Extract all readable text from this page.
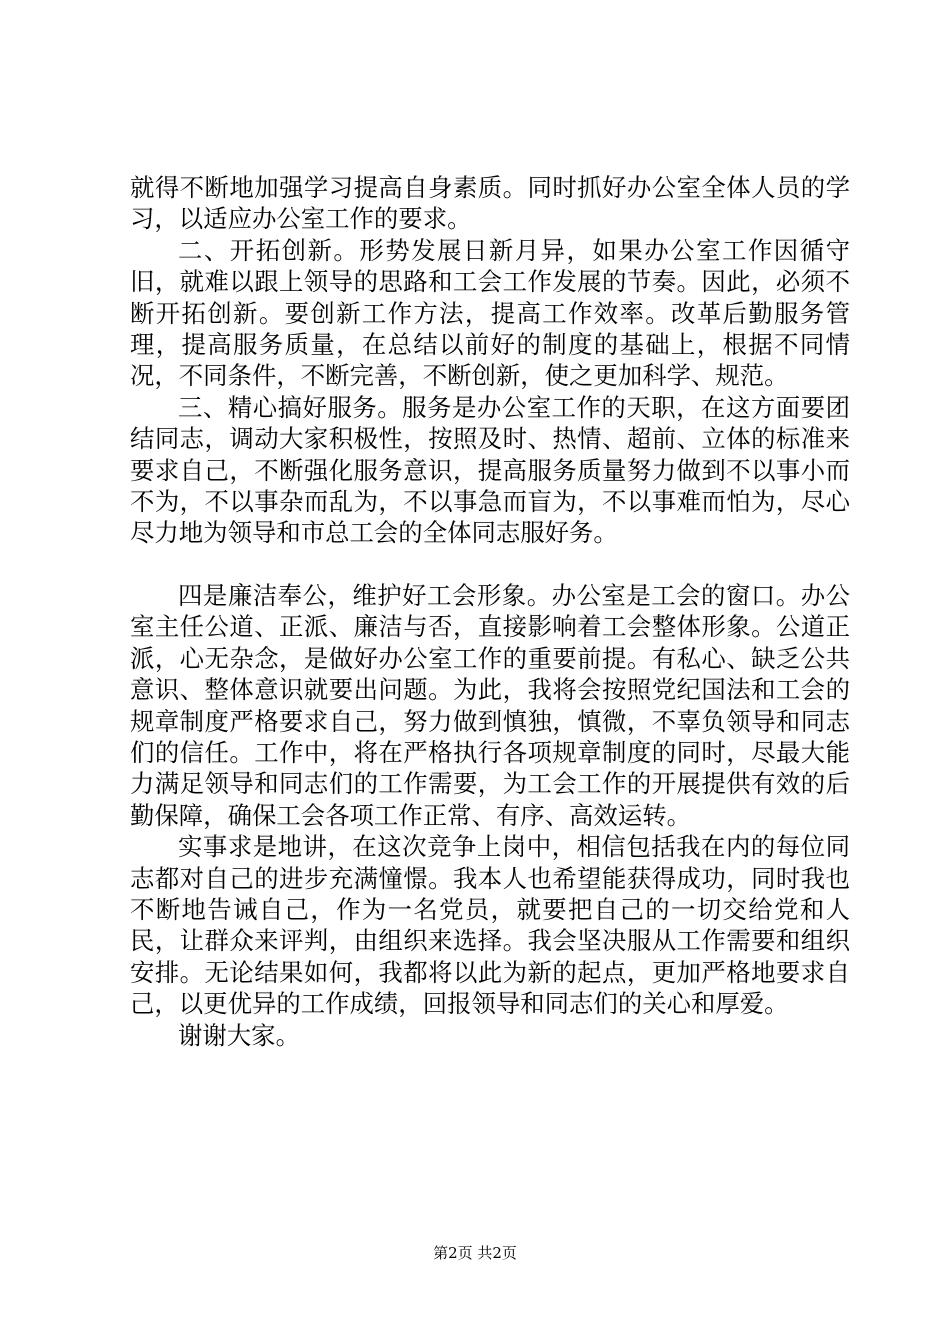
就得不断地加强学习提高自身素质。同时抓好办公室全体人员的学习，以适应办公室工作的要求。

二、开拓创新。形势发展日新月异，如果办公室工作因循守旧，就难以跟上领导的思路和工会工作发展的节奏。因此，必须不断开拓创新。要创新工作方法，提高工作效率。改革后勤服务管理，提高服务质量，在总结以前好的制度的基础上，根据不同情况，不同条件，不断完善，不断创新，使之更加科学、规范。

三、精心搞好服务。服务是办公室工作的天职，在这方面要团结同志，调动大家积极性，按照及时、热情、超前、立体的标准来要求自己，不断强化服务意识，提高服务质量努力做到不以事小而不为，不以事杂而乱为，不以事急而盲为，不以事难而怕为，尽心尽力地为领导和市总工会的全体同志服好务。

四是廉洁奉公，维护好工会形象。办公室是工会的窗口。办公室主任公道、正派、廉洁与否，直接影响着工会整体形象。公道正派，心无杂念，是做好办公室工作的重要前提。有私心、缺乏公共意识、整体意识就要出问题。为此，我将会按照党纪国法和工会的规章制度严格要求自己，努力做到慎独，慎微，不辜负领导和同志们的信任。工作中，将在严格执行各项规章制度的同时，尽最大能力满足领导和同志们的工作需要，为工会工作的开展提供有效的后勤保障，确保工会各项工作正常、有序、高效运转。

实事求是地讲，在这次竞争上岗中，相信包括我在内的每位同志都对自己的进步充满憧憬。我本人也希望能获得成功，同时我也不断地告诫自己，作为一名党员，就要把自己的一切交给党和人民，让群众来评判，由组织来选择。我会坚决服从工作需要和组织安排。无论结果如何，我都将以此为新的起点，更加严格地要求自己，以更优异的工作成绩，回报领导和同志们的关心和厚爱。

谢谢大家。

第2页 共2页
